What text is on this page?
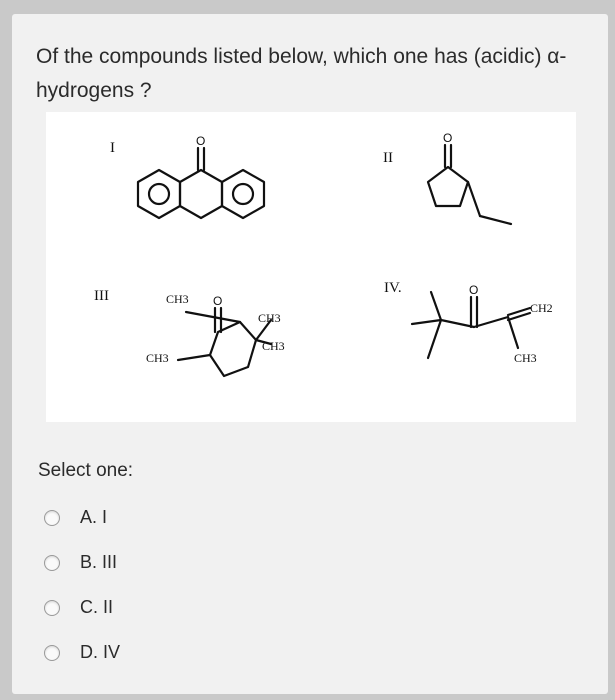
Of the compounds listed below, which one has (acidic) α-hydrogens ?

I
II
III	IV.
O	O
O
O
CH3
CH3
CH3
CH3
CH2
CH3
Select one:
A. I
B. III
C. II
D. IV
